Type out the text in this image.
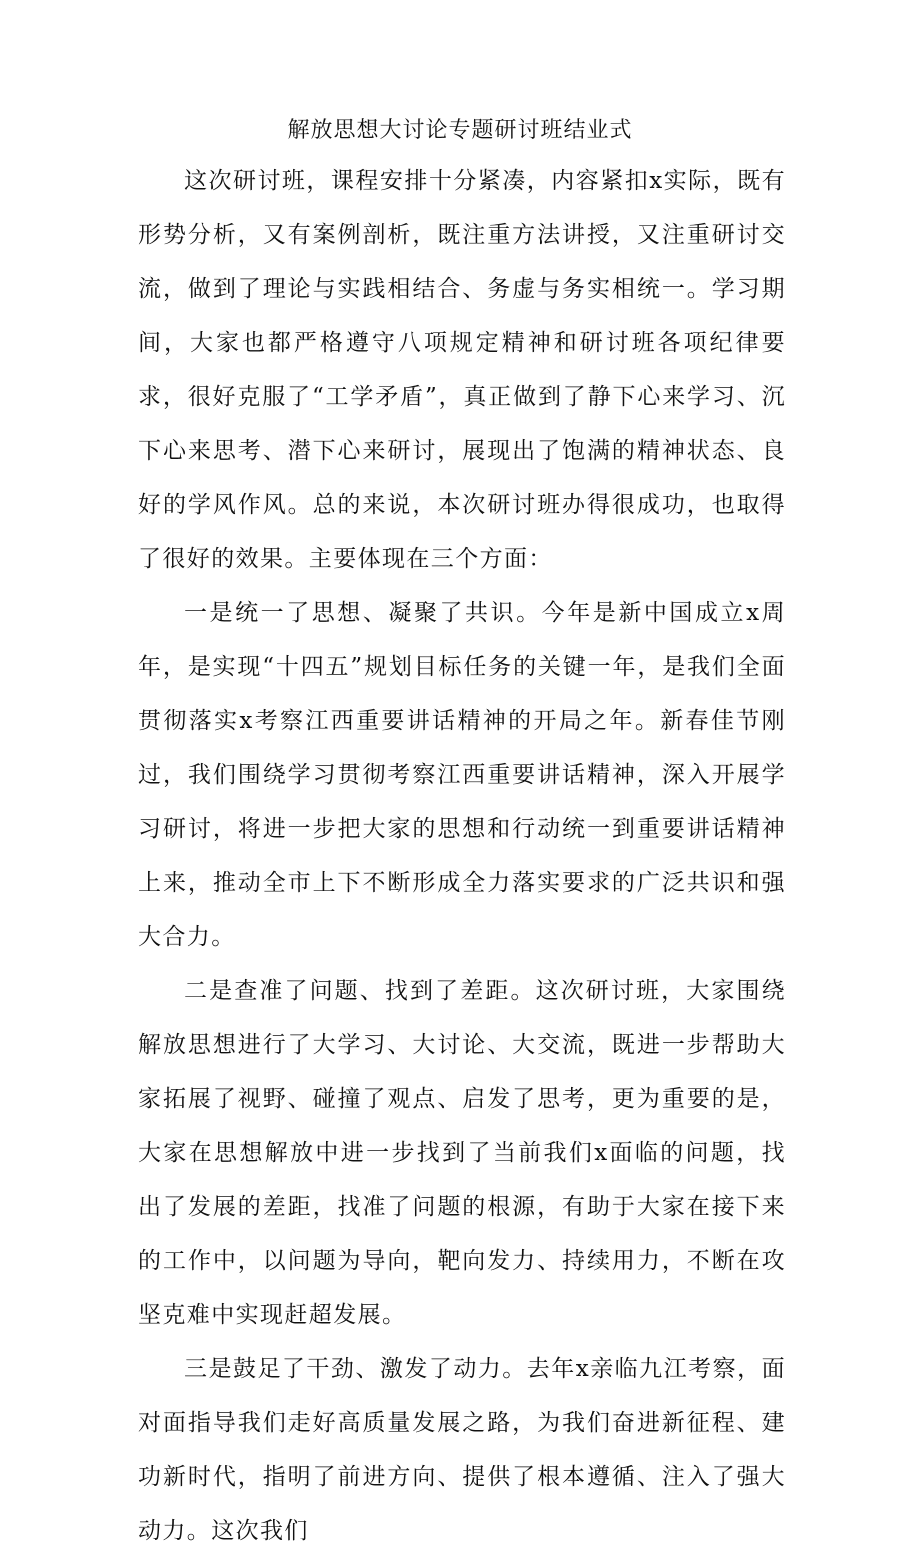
解放思想大讨论专题研讨班结业式

这次研讨班，课程安排十分紧凑，内容紧扣x实际，既有形势分析，又有案例剖析，既注重方法讲授，又注重研讨交流，做到了理论与实践相结合、务虚与务实相统一。学习期间，大家也都严格遵守八项规定精神和研讨班各项纪律要求，很好克服了“工学矛盾”，真正做到了静下心来学习、沉下心来思考、潜下心来研讨，展现出了饱满的精神状态、良好的学风作风。总的来说，本次研讨班办得很成功，也取得了很好的效果。主要体现在三个方面：

一是统一了思想、凝聚了共识。今年是新中国成立x周年，是实现“十四五”规划目标任务的关键一年，是我们全面贯彻落实x考察江西重要讲话精神的开局之年。新春佳节刚过，我们围绕学习贯彻考察江西重要讲话精神，深入开展学习研讨，将进一步把大家的思想和行动统一到重要讲话精神上来，推动全市上下不断形成全力落实要求的广泛共识和强大合力。

二是查准了问题、找到了差距。这次研讨班，大家围绕解放思想进行了大学习、大讨论、大交流，既进一步帮助大家拓展了视野、碰撞了观点、启发了思考，更为重要的是，大家在思想解放中进一步找到了当前我们x面临的问题，找出了发展的差距，找准了问题的根源，有助于大家在接下来的工作中，以问题为导向，靶向发力、持续用力，不断在攻坚克难中实现赶超发展。

三是鼓足了干劲、激发了动力。去年x亲临九江考察，面对面指导我们走好高质量发展之路，为我们奋进新征程、建功新时代，指明了前进方向、提供了根本遵循、注入了强大动力。这次我们
